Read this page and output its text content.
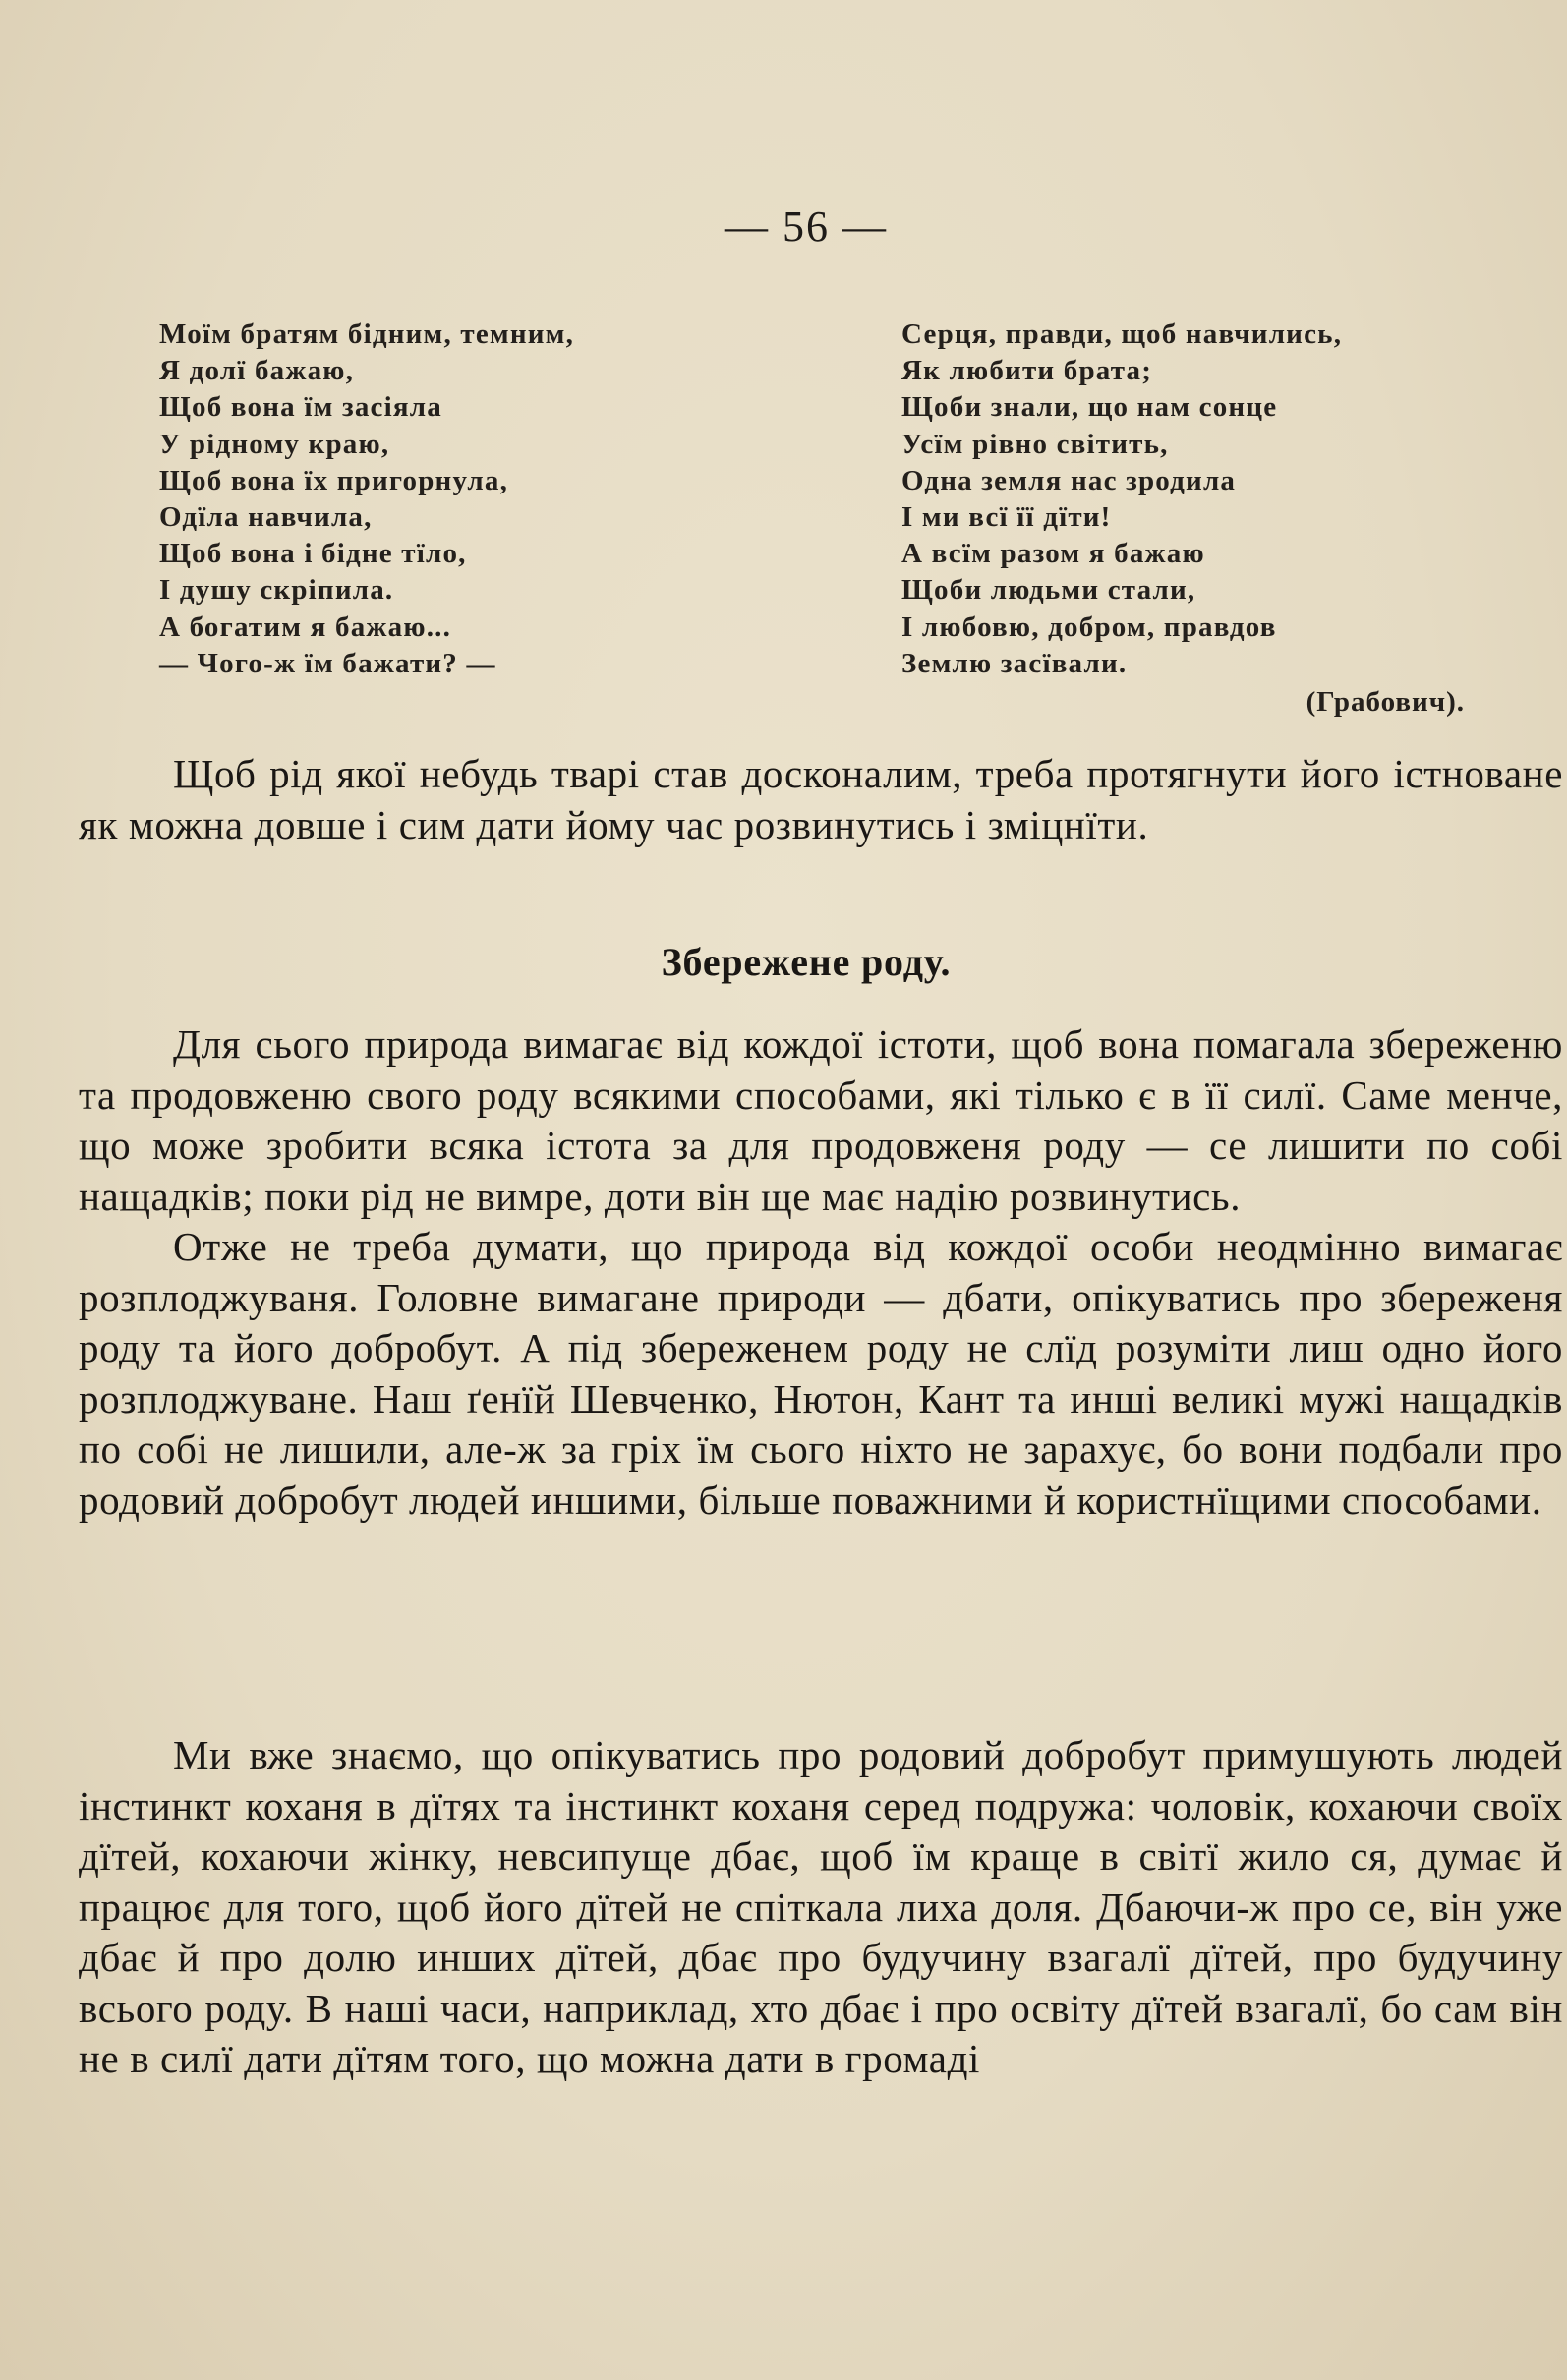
— 56 —
Моїм братям бідним, темним,
Я долї бажаю,
Щоб вона їм засіяла
У рідному краю,
Щоб вона їх пригорнула,
Одїла навчила,
Щоб вона і бідне тїло,
І душу скріпила.
А богатим я бажаю...
— Чого-ж їм бажати? —
Серця, правди, щоб навчились,
Як любити брата;
Щоби знали, що нам сонце
Усїм рівно світить,
Одна земля нас зродила
І ми всї її дїти!
А всїм разом я бажаю
Щоби людьми стали,
І любовю, добром, правдов
Землю засївали.
(Грабович).

Щоб рід якої небудь тварі став досконалим, треба протягнути його істноване як можна довше і сим дати йому час розвинутись і зміцнїти.

Збережене роду.

Для сього природа вимагає від кождої істоти, щоб вона помагала збереженю та продовженю свого роду всякими способами, які тілько є в її силї. Саме менче, що може зробити всяка істота за для продовженя роду — се лишити по собі нащадків; поки рід не вимре, доти він ще має надію розвинутись.

Отже не треба думати, що природа від кождої особи неодмінно вимагає розплоджуваня. Головне вимагане природи — дбати, опікуватись про збереженя роду та його добробут. А під збереженем роду не слїд розуміти лиш одно його розплоджуване. Наш ґенїй Шевченко, Нютон, Кант та инші великі мужі нащадків по собі не лишили, але-ж за гріх їм сього ніхто не зарахує, бо вони подбали про родовий добробут людей иншими, більше поважними й користнїщими способами.

Ми вже знаємо, що опікуватись про родовий добробут примушують людей інстинкт коханя в дїтях та інстинкт коханя серед подружа: чоловік, кохаючи своїх дїтей, кохаючи жінку, невсипуще дбає, щоб їм краще в світї жило ся, думає й працює для того, щоб його дїтей не спіткала лиха доля. Дбаючи-ж про се, він уже дбає й про долю инших дїтей, дбає про будучину взагалї дїтей, про будучину всього роду. В наші часи, наприклад, хто дбає і про освіту дїтей взагалї, бо сам він не в силї дати дїтям того, що можна дати в громаді
